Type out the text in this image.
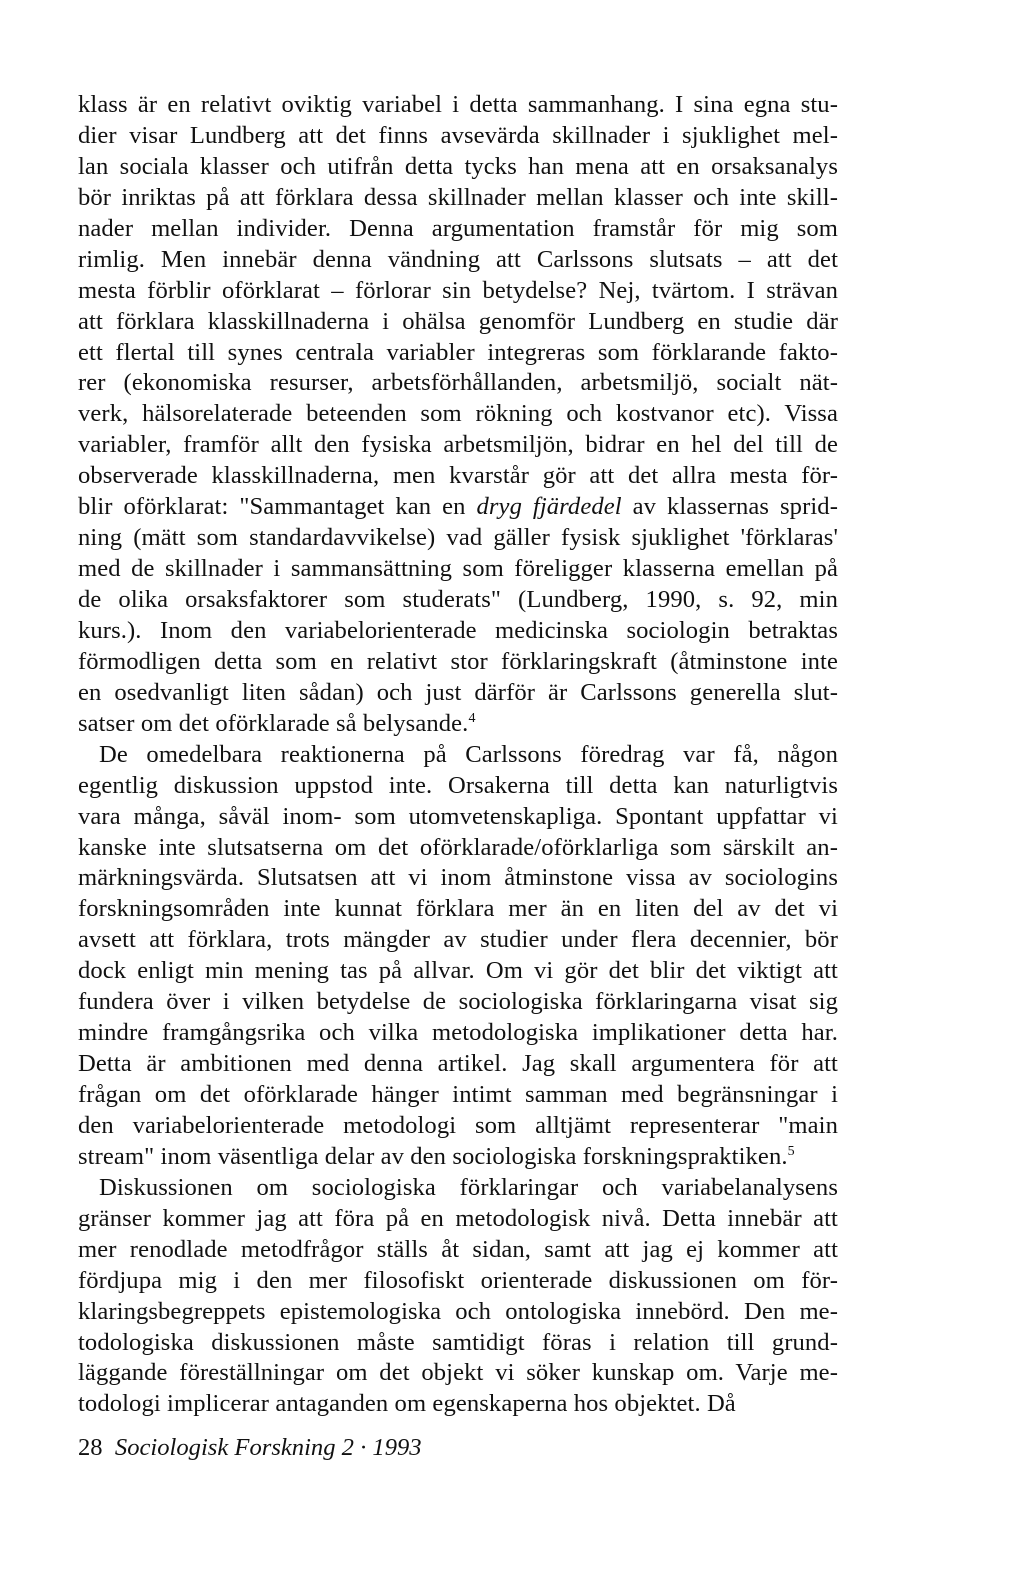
klass är en relativt oviktig variabel i detta sammanhang. I sina egna stu-
dier visar Lundberg att det finns avsevärda skillnader i sjuklighet mel-
lan sociala klasser och utifrån detta tycks han mena att en orsaksanalys
bör inriktas på att förklara dessa skillnader mellan klasser och inte skill-
nader mellan individer. Denna argumentation framstår för mig som
rimlig. Men innebär denna vändning att Carlssons slutsats – att det
mesta förblir oförklarat – förlorar sin betydelse? Nej, tvärtom. I strävan
att förklara klasskillnaderna i ohälsa genomför Lundberg en studie där
ett flertal till synes centrala variabler integreras som förklarande fakto-
rer (ekonomiska resurser, arbetsförhållanden, arbetsmiljö, socialt nät-
verk, hälsorelaterade beteenden som rökning och kostvanor etc). Vissa
variabler, framför allt den fysiska arbetsmiljön, bidrar en hel del till de
observerade klasskillnaderna, men kvarstår gör att det allra mesta för-
blir oförklarat: "Sammantaget kan en dryg fjärdedel av klassernas sprid-
ning (mätt som standardavvikelse) vad gäller fysisk sjuklighet 'förklaras'
med de skillnader i sammansättning som föreligger klasserna emellan på
de olika orsaksfaktorer som studerats" (Lundberg, 1990, s. 92, min
kurs.). Inom den variabelorienterade medicinska sociologin betraktas
förmodligen detta som en relativt stor förklaringskraft (åtminstone inte
en osedvanligt liten sådan) och just därför är Carlssons generella slut-
satser om det oförklarade så belysande.$^4$
De omedelbara reaktionerna på Carlssons föredrag var få, någon
egentlig diskussion uppstod inte. Orsakerna till detta kan naturligtvis
vara många, såväl inom- som utomvetenskapliga. Spontant uppfattar vi
kanske inte slutsatserna om det oförklarade/oförklarliga som särskilt an-
märkningsvärda. Slutsatsen att vi inom åtminstone vissa av sociologins
forskningsområden inte kunnat förklara mer än en liten del av det vi
avsett att förklara, trots mängder av studier under flera decennier, bör
dock enligt min mening tas på allvar. Om vi gör det blir det viktigt att
fundera över i vilken betydelse de sociologiska förklaringarna visat sig
mindre framgångsrika och vilka metodologiska implikationer detta har.
Detta är ambitionen med denna artikel. Jag skall argumentera för att
frågan om det oförklarade hänger intimt samman med begränsningar i
den variabelorienterade metodologi som alltjämt representerar "main
stream" inom väsentliga delar av den sociologiska forskningspraktiken.$^5$
Diskussionen om sociologiska förklaringar och variabelanalysens
gränser kommer jag att föra på en metodologisk nivå. Detta innebär att
mer renodlade metodfrågor ställs åt sidan, samt att jag ej kommer att
fördjupa mig i den mer filosofiskt orienterade diskussionen om för-
klaringsbegreppets epistemologiska och ontologiska innebörd. Den me-
todologiska diskussionen måste samtidigt föras i relation till grund-
läggande föreställningar om det objekt vi söker kunskap om. Varje me-
todologi implicerar antaganden om egenskaperna hos objektet. Då
28 Sociologisk Forskning 2 · 1993
